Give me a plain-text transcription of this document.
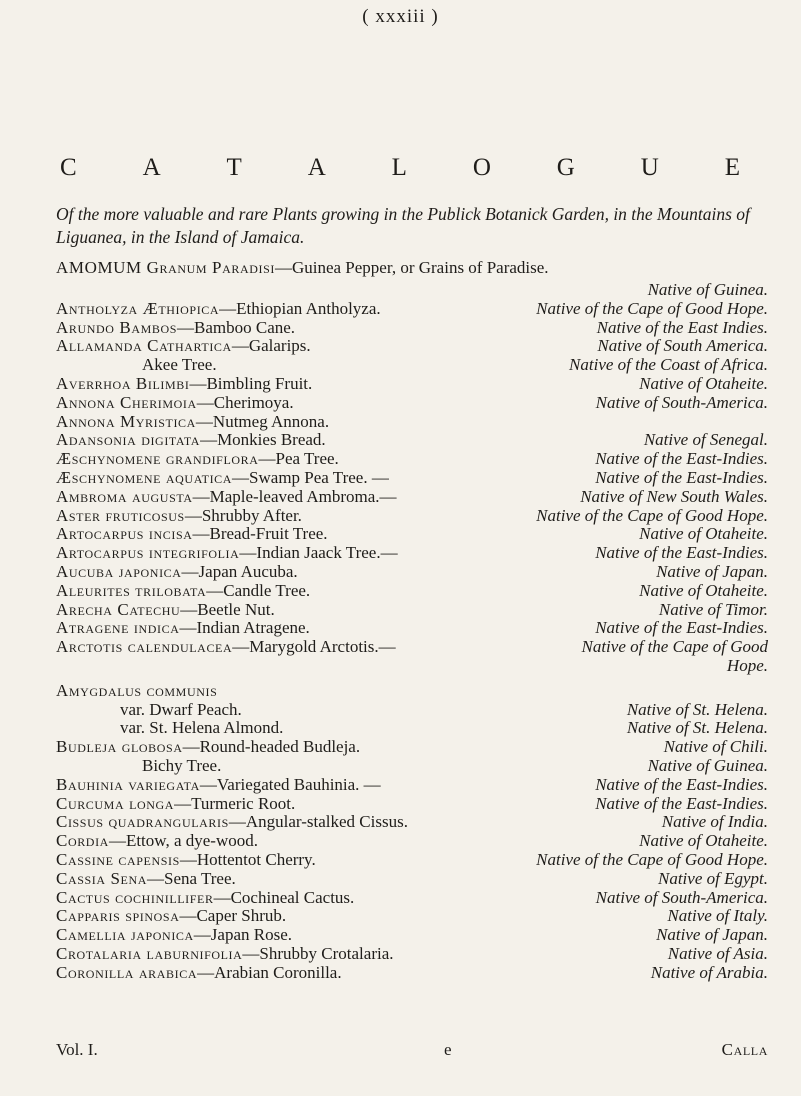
( xxxiii )
C	A	T	A	L	O	G	U	E
Of the more valuable and rare Plants growing in the Publick Botanick Garden, in the Mountains of Liguanea, in the Island of Jamaica.
AMOMUM Granum Paradisi—Guinea Pepper, or Grains of Paradise.
Native of Guinea.
Antholyza Æthiopica—Ethiopian Antholyza.	Native of the Cape of Good Hope.
Arundo Bambos—Bamboo Cane.	Native of the East Indies.
Allamanda Cathartica—Galarips.	Native of South America.
Akee Tree.	Native of the Coast of Africa.
Averrhoa Bilimbi—Bimbling Fruit.	Native of Otaheite.
Annona Cherimoia—Cherimoya.	Native of South-America.
Annona Myristica—Nutmeg Annona.
Adansonia digitata—Monkies Bread.	Native of Senegal.
Æschynomene grandiflora—Pea Tree.	Native of the East-Indies.
Æschynomene aquatica—Swamp Pea Tree. —	Native of the East-Indies.
Ambroma augusta—Maple-leaved Ambroma.—	Native of New South Wales.
Aster fruticosus—Shrubby After.	Native of the Cape of Good Hope.
Artocarpus incisa—Bread-Fruit Tree.	Native of Otaheite.
Artocarpus integrifolia—Indian Jaack Tree.—	Native of the East-Indies.
Aucuba japonica—Japan Aucuba.	Native of Japan.
Aleurites trilobata—Candle Tree.	Native of Otaheite.
Arecha Catechu—Beetle Nut.	Native of Timor.
Atragene indica—Indian Atragene.	Native of the East-Indies.
Arctotis calendulacea—Marygold Arctotis.—	Native of the Cape of Good
Hope.
Amygdalus communis
var. Dwarf Peach.	Native of St. Helena.
var. St. Helena Almond.	Native of St. Helena.
Budleja globosa—Round-headed Budleja.	Native of Chili.
Bichy Tree.	Native of Guinea.
Bauhinia variegata—Variegated Bauhinia. —	Native of the East-Indies.
Curcuma longa—Turmeric Root.	Native of the East-Indies.
Cissus quadrangularis—Angular-stalked Cissus.	Native of India.
Cordia—Ettow, a dye-wood.	Native of Otaheite.
Cassine capensis—Hottentot Cherry.	Native of the Cape of Good Hope.
Cassia Sena—Sena Tree.	Native of Egypt.
Cactus cochinillifer—Cochineal Cactus.	Native of South-America.
Capparis spinosa—Caper Shrub.	Native of Italy.
Camellia japonica—Japan Rose.	Native of Japan.
Crotalaria laburnifolia—Shrubby Crotalaria.	Native of Asia.
Coronilla arabica—Arabian Coronilla.	Native of Arabia.
Vol. I.	e	Calla
